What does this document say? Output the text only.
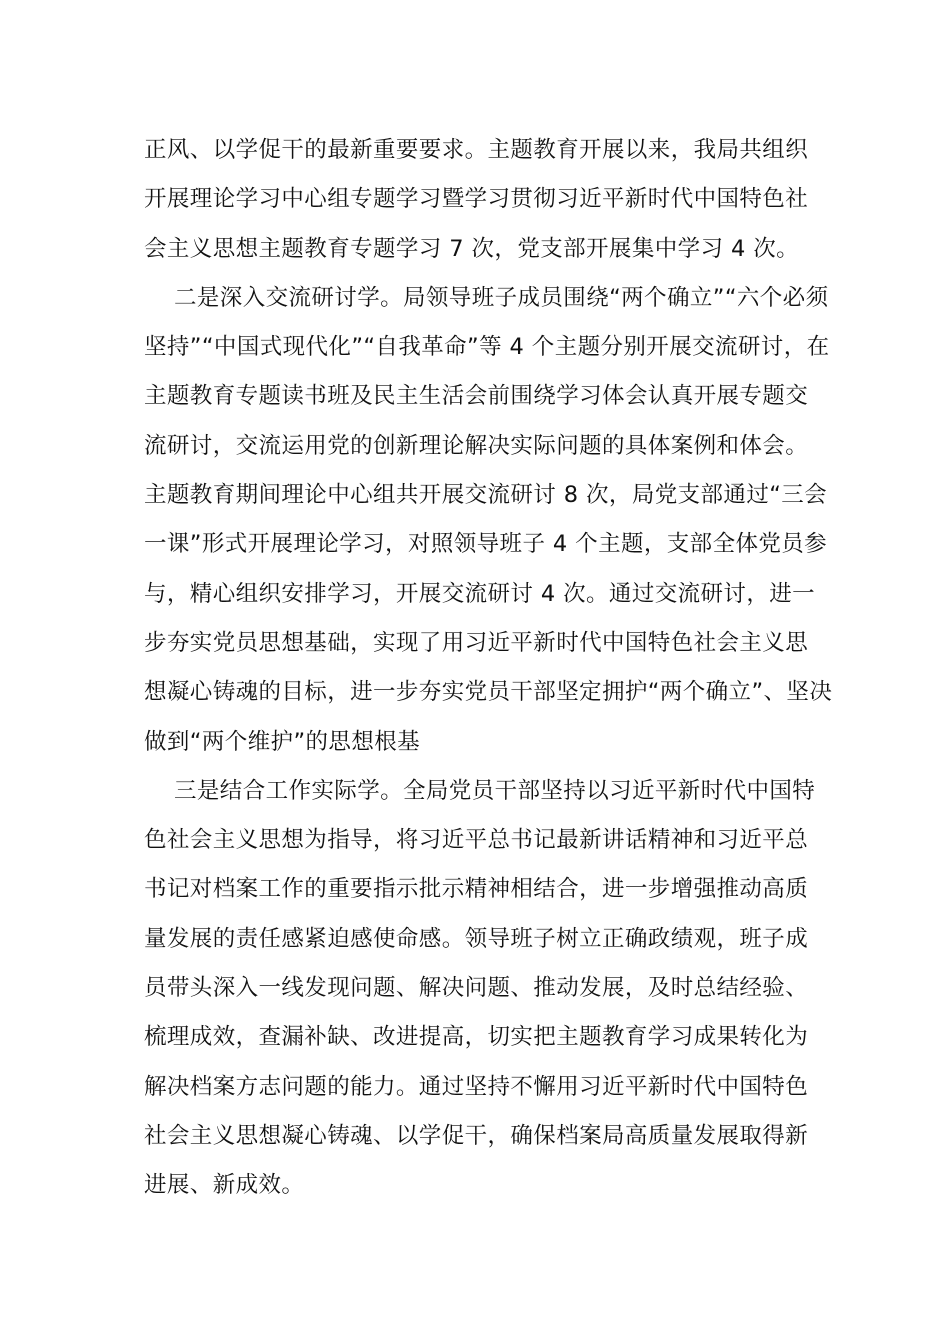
正风、以学促干的最新重要要求。主题教育开展以来，我局共组织
开展理论学习中心组专题学习暨学习贯彻习近平新时代中国特色社
会主义思想主题教育专题学习 7 次，党支部开展集中学习 4 次。
二是深入交流研讨学。局领导班子成员围绕“两个确立”“六个必须
坚持”“中国式现代化”“自我革命”等 4 个主题分别开展交流研讨，在
主题教育专题读书班及民主生活会前围绕学习体会认真开展专题交
流研讨，交流运用党的创新理论解决实际问题的具体案例和体会。
主题教育期间理论中心组共开展交流研讨 8 次，局党支部通过“三会
一课”形式开展理论学习，对照领导班子 4 个主题，支部全体党员参
与，精心组织安排学习，开展交流研讨 4 次。通过交流研讨，进一
步夯实党员思想基础，实现了用习近平新时代中国特色社会主义思
想凝心铸魂的目标，进一步夯实党员干部坚定拥护“两个确立”、坚决
做到“两个维护”的思想根基
三是结合工作实际学。全局党员干部坚持以习近平新时代中国特
色社会主义思想为指导，将习近平总书记最新讲话精神和习近平总
书记对档案工作的重要指示批示精神相结合，进一步增强推动高质
量发展的责任感紧迫感使命感。领导班子树立正确政绩观，班子成
员带头深入一线发现问题、解决问题、推动发展，及时总结经验、
梳理成效，查漏补缺、改进提高，切实把主题教育学习成果转化为
解决档案方志问题的能力。通过坚持不懈用习近平新时代中国特色
社会主义思想凝心铸魂、以学促干，确保档案局高质量发展取得新
进展、新成效。
